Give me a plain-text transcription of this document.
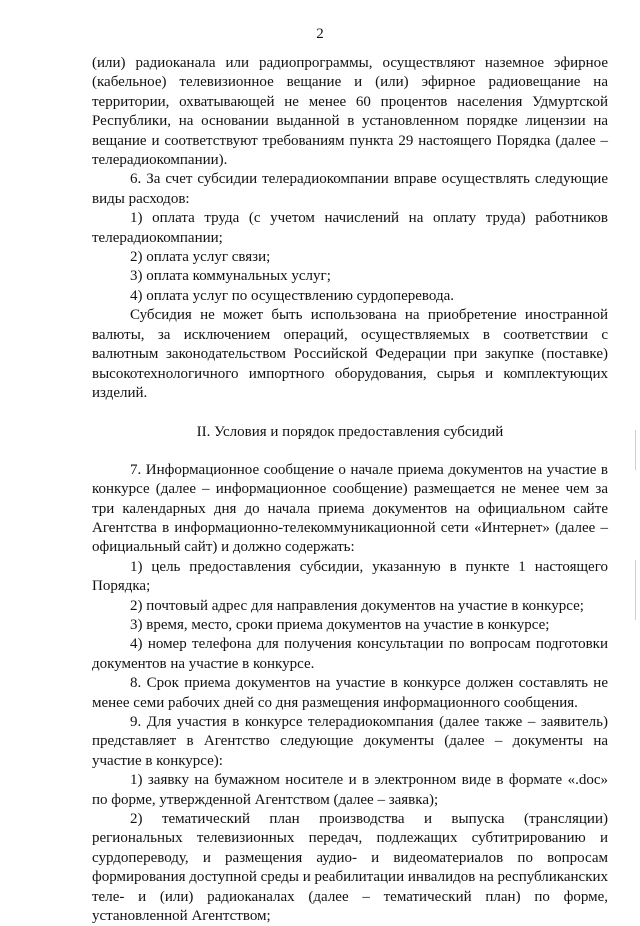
2

(или) радиоканала или радиопрограммы, осуществляют наземное эфирное (кабельное) телевизионное вещание и (или) эфирное радиовещание на территории, охватывающей не менее 60 процентов населения Удмуртской Республики, на основании выданной в установленном порядке лицензии на вещание и соответствуют требованиям пункта 29 настоящего Порядка (далее – телерадиокомпании).

6. За счет субсидии телерадиокомпании вправе осуществлять следующие виды расходов:

1) оплата труда (с учетом начислений на оплату труда) работников телерадиокомпании;

2) оплата услуг связи;

3) оплата коммунальных услуг;

4) оплата услуг по осуществлению сурдоперевода.

Субсидия не может быть использована на приобретение иностранной валюты, за исключением операций, осуществляемых в соответствии с валютным законодательством Российской Федерации при закупке (поставке) высокотехнологичного импортного оборудования, сырья и комплектующих изделий.

II. Условия и порядок предоставления субсидий

7. Информационное сообщение о начале приема документов на участие в конкурсе (далее – информационное сообщение) размещается не менее чем за три календарных дня до начала приема документов на официальном сайте Агентства в информационно-телекоммуникационной сети «Интернет» (далее – официальный сайт) и должно содержать:

1) цель предоставления субсидии, указанную в пункте 1 настоящего Порядка;

2) почтовый адрес для направления документов на участие в конкурсе;

3) время, место, сроки приема документов на участие в конкурсе;

4) номер телефона для получения консультации по вопросам подготовки документов на участие в конкурсе.

8. Срок приема документов на участие в конкурсе должен составлять не менее семи рабочих дней со дня размещения информационного сообщения.

9. Для участия в конкурсе телерадиокомпания (далее также – заявитель) представляет в Агентство следующие документы (далее – документы на участие в конкурсе):

1) заявку на бумажном носителе и в электронном виде в формате «.doc» по форме, утвержденной Агентством (далее – заявка);

2) тематический план производства и выпуска (трансляции) региональных телевизионных передач, подлежащих субтитрированию и сурдопереводу, и размещения аудио- и видеоматериалов по вопросам формирования доступной среды и реабилитации инвалидов на республиканских теле- и (или) радиоканалах (далее – тематический план) по форме, установленной Агентством;
